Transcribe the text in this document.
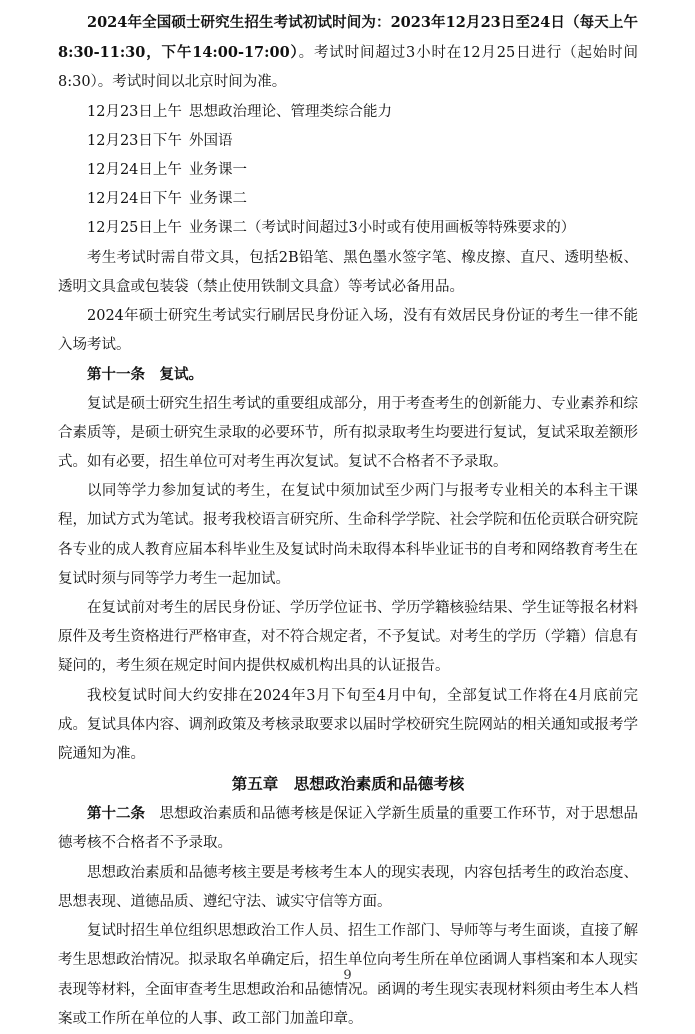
2024年全国硕士研究生招生考试初试时间为：2023年12月23日至24日（每天上午8:30-11:30，下午14:00-17:00）。考试时间超过3小时在12月25日进行（起始时间8:30）。考试时间以北京时间为准。

12月23日上午 思想政治理论、管理类综合能力

12月23日下午 外国语

12月24日上午 业务课一

12月24日下午 业务课二

12月25日上午 业务课二（考试时间超过3小时或有使用画板等特殊要求的）

考生考试时需自带文具，包括2B铅笔、黑色墨水签字笔、橡皮擦、直尺、透明垫板、透明文具盒或包装袋（禁止使用铁制文具盒）等考试必备用品。

2024年硕士研究生考试实行刷居民身份证入场，没有有效居民身份证的考生一律不能入场考试。

第十一条　复试。

复试是硕士研究生招生考试的重要组成部分，用于考查考生的创新能力、专业素养和综合素质等，是硕士研究生录取的必要环节，所有拟录取考生均要进行复试，复试采取差额形式。如有必要，招生单位可对考生再次复试。复试不合格者不予录取。

以同等学力参加复试的考生，在复试中须加试至少两门与报考专业相关的本科主干课程，加试方式为笔试。报考我校语言研究所、生命科学学院、社会学院和伍伦贡联合研究院各专业的成人教育应届本科毕业生及复试时尚未取得本科毕业证书的自考和网络教育考生在复试时须与同等学力考生一起加试。

在复试前对考生的居民身份证、学历学位证书、学历学籍核验结果、学生证等报名材料原件及考生资格进行严格审查，对不符合规定者，不予复试。对考生的学历（学籍）信息有疑问的，考生须在规定时间内提供权威机构出具的认证报告。

我校复试时间大约安排在2024年3月下旬至4月中旬，全部复试工作将在4月底前完成。复试具体内容、调剂政策及考核录取要求以届时学校研究生院网站的相关通知或报考学院通知为准。

第五章　思想政治素质和品德考核

第十二条　思想政治素质和品德考核是保证入学新生质量的重要工作环节，对于思想品德考核不合格者不予录取。

思想政治素质和品德考核主要是考核考生本人的现实表现，内容包括考生的政治态度、思想表现、道德品质、遵纪守法、诚实守信等方面。

复试时招生单位组织思想政治工作人员、招生工作部门、导师等与考生面谈，直接了解考生思想政治情况。拟录取名单确定后，招生单位向考生所在单位函调人事档案和本人现实表现等材料，全面审查考生思想政治和品德情况。函调的考生现实表现材料须由考生本人档案或工作所在单位的人事、政工部门加盖印章。

9
